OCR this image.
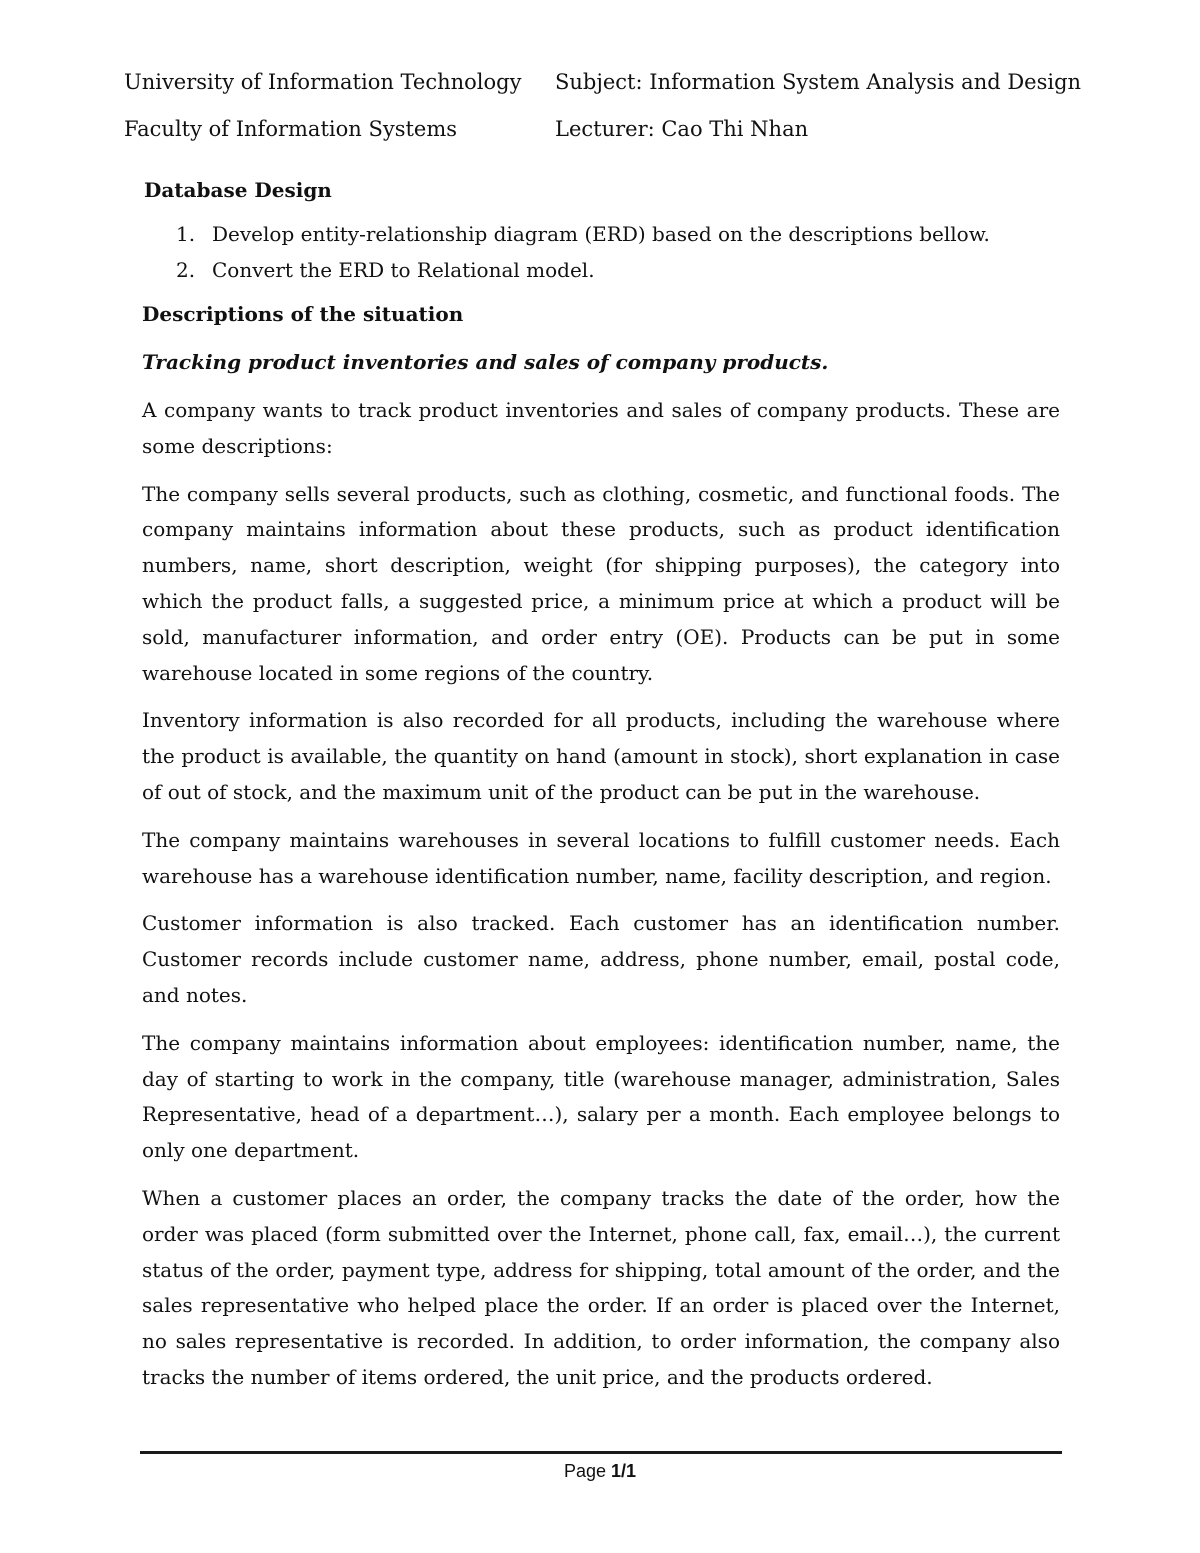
University of Information Technology Subject: Information System Analysis and Design
Faculty of Information Systems	Lecturer: Cao Thi Nhan
Database Design
1. Develop entity-relationship diagram (ERD) based on the descriptions bellow.
2. Convert the ERD to Relational model.
Descriptions of the situation
Tracking product inventories and sales of company products.

A company wants to track product inventories and sales of company products. These are some descriptions:

The company sells several products, such as clothing, cosmetic, and functional foods. The company maintains information about these products, such as product identification numbers, name, short description, weight (for shipping purposes), the category into which the product falls, a suggested price, a minimum price at which a product will be sold, manufacturer information, and order entry (OE). Products can be put in some warehouse located in some regions of the country.

Inventory information is also recorded for all products, including the warehouse where the product is available, the quantity on hand (amount in stock), short explanation in case of out of stock, and the maximum unit of the product can be put in the warehouse.

The company maintains warehouses in several locations to fulfill customer needs. Each warehouse has a warehouse identification number, name, facility description, and region.

Customer information is also tracked. Each customer has an identification number. Customer records include customer name, address, phone number, email, postal code, and notes.

The company maintains information about employees: identification number, name, the day of starting to work in the company, title (warehouse manager, administration, Sales Representative, head of a department…), salary per a month. Each employee belongs to only one department.

When a customer places an order, the company tracks the date of the order, how the order was placed (form submitted over the Internet, phone call, fax, email…), the current status of the order, payment type, address for shipping, total amount of the order, and the sales representative who helped place the order. If an order is placed over the Internet, no sales representative is recorded. In addition, to order information, the company also tracks the number of items ordered, the unit price, and the products ordered.

Page 1/1
